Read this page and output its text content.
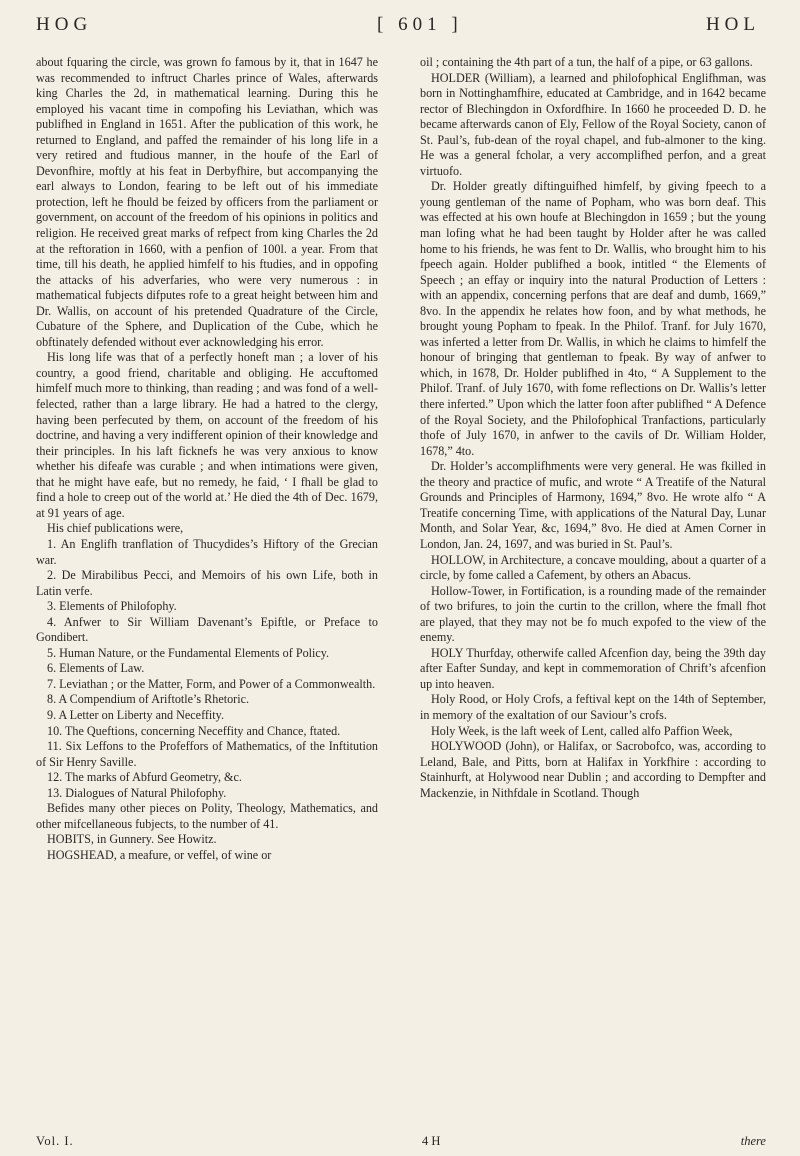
HOG	[ 601 ]	HOL

about fquaring the circle, was grown fo famous by it, that in 1647 he was recommended to inftruct Charles prince of Wales, afterwards king Charles the 2d, in mathematical learning. During this he employed his vacant time in compofing his Leviathan, which was publifhed in England in 1651. After the publication of this work, he returned to England, and paffed the remainder of his long life in a very retired and ftudious manner, in the houfe of the Earl of Devonfhire, moftly at his feat in Derbyfhire, but accompanying the earl always to London, fearing to be left out of his immediate protection, left he fhould be feized by officers from the parliament or government, on account of the freedom of his opinions in politics and religion. He received great marks of refpect from king Charles the 2d at the reftoration in 1660, with a penfion of 100l. a year. From that time, till his death, he applied himfelf to his ftudies, and in oppofing the attacks of his adverfaries, who were very numerous : in mathematical fubjects difputes rofe to a great height between him and Dr. Wallis, on account of his pretended Quadrature of the Circle, Cubature of the Sphere, and Duplication of the Cube, which he obftinately defended without ever acknowledging his error.

His long life was that of a perfectly honeft man ; a lover of his country, a good friend, charitable and obliging. He accuftomed himfelf much more to thinking, than reading ; and was fond of a well-felected, rather than a large library. He had a hatred to the clergy, having been perfecuted by them, on account of the freedom of his doctrine, and having a very indifferent opinion of their knowledge and their principles. In his laft ficknefs he was very anxious to know whether his difeafe was curable ; and when intimations were given, that he might have eafe, but no remedy, he faid, ‘ I fhall be glad to find a hole to creep out of the world at.’ He died the 4th of Dec. 1679, at 91 years of age.

His chief publications were,

1. An Englifh tranflation of Thucydides’s Hiftory of the Grecian war.
2. De Mirabilibus Pecci, and Memoirs of his own Life, both in Latin verfe.
3. Elements of Philofophy.
4. Anfwer to Sir William Davenant’s Epiftle, or Preface to Gondibert.
5. Human Nature, or the Fundamental Elements of Policy.
6. Elements of Law.
7. Leviathan ; or the Matter, Form, and Power of a Commonwealth.
8. A Compendium of Ariftotle’s Rhetoric.
9. A Letter on Liberty and Neceffity.
10. The Queftions, concerning Neceffity and Chance, ftated.
11. Six Leffons to the Profeffors of Mathematics, of the Inftitution of Sir Henry Saville.
12. The marks of Abfurd Geometry, &c.
13. Dialogues of Natural Philofophy.

Befides many other pieces on Polity, Theology, Mathematics, and other mifcellaneous fubjects, to the number of 41.

HOBITS, in Gunnery. See Howitz.

HOGSHEAD, a meafure, or veffel, of wine or

oil ; containing the 4th part of a tun, the half of a pipe, or 63 gallons.

HOLDER (William), a learned and philofophical Englifhman, was born in Nottinghamfhire, educated at Cambridge, and in 1642 became rector of Blechingdon in Oxfordfhire. In 1660 he proceeded D. D. he became afterwards canon of Ely, Fellow of the Royal Society, canon of St. Paul’s, fub-dean of the royal chapel, and fub-almoner to the king. He was a general fcholar, a very accomplifhed perfon, and a great virtuofo.

Dr. Holder greatly diftinguifhed himfelf, by giving fpeech to a young gentleman of the name of Popham, who was born deaf. This was effected at his own houfe at Blechingdon in 1659 ; but the young man lofing what he had been taught by Holder after he was called home to his friends, he was fent to Dr. Wallis, who brought him to his fpeech again. Holder publifhed a book, intitled “ the Elements of Speech ; an effay or inquiry into the natural Production of Letters : with an appendix, concerning perfons that are deaf and dumb, 1669,” 8vo. In the appendix he relates how foon, and by what methods, he brought young Popham to fpeak. In the Philof. Tranf. for July 1670, was inferted a letter from Dr. Wallis, in which he claims to himfelf the honour of bringing that gentleman to fpeak. By way of anfwer to which, in 1678, Dr. Holder publifhed in 4to, “ A Supplement to the Philof. Tranf. of July 1670, with fome reflections on Dr. Wallis’s letter there inferted.” Upon which the latter foon after publifhed “ A Defence of the Royal Society, and the Philofophical Tranfactions, particularly thofe of July 1670, in anfwer to the cavils of Dr. William Holder, 1678,” 4to.

Dr. Holder’s accomplifhments were very general. He was fkilled in the theory and practice of mufic, and wrote “ A Treatife of the Natural Grounds and Principles of Harmony, 1694,” 8vo. He wrote alfo “ A Treatife concerning Time, with applications of the Natural Day, Lunar Month, and Solar Year, &c, 1694,” 8vo. He died at Amen Corner in London, Jan. 24, 1697, and was buried in St. Paul’s.

HOLLOW, in Architecture, a concave moulding, about a quarter of a circle, by fome called a Cafement, by others an Abacus.

Hollow-Tower, in Fortification, is a rounding made of the remainder of two brifures, to join the curtin to the crillon, where the fmall fhot are played, that they may not be fo much expofed to the view of the enemy.

HOLY Thurfday, otherwife called Afcenfion day, being the 39th day after Eafter Sunday, and kept in commemoration of Chrift’s afcenfion up into heaven.

Holy Rood, or Holy Crofs, a feftival kept on the 14th of September, in memory of the exaltation of our Saviour’s crofs.

Holy Week, is the laft week of Lent, called alfo Paffion Week,

HOLYWOOD (John), or Halifax, or Sacrobofco, was, according to Leland, Bale, and Pitts, born at Halifax in Yorkfhire : according to Stainhurft, at Holywood near Dublin ; and according to Dempfter and Mackenzie, in Nithfdale in Scotland. Though

Vol. I.	4 H	there
